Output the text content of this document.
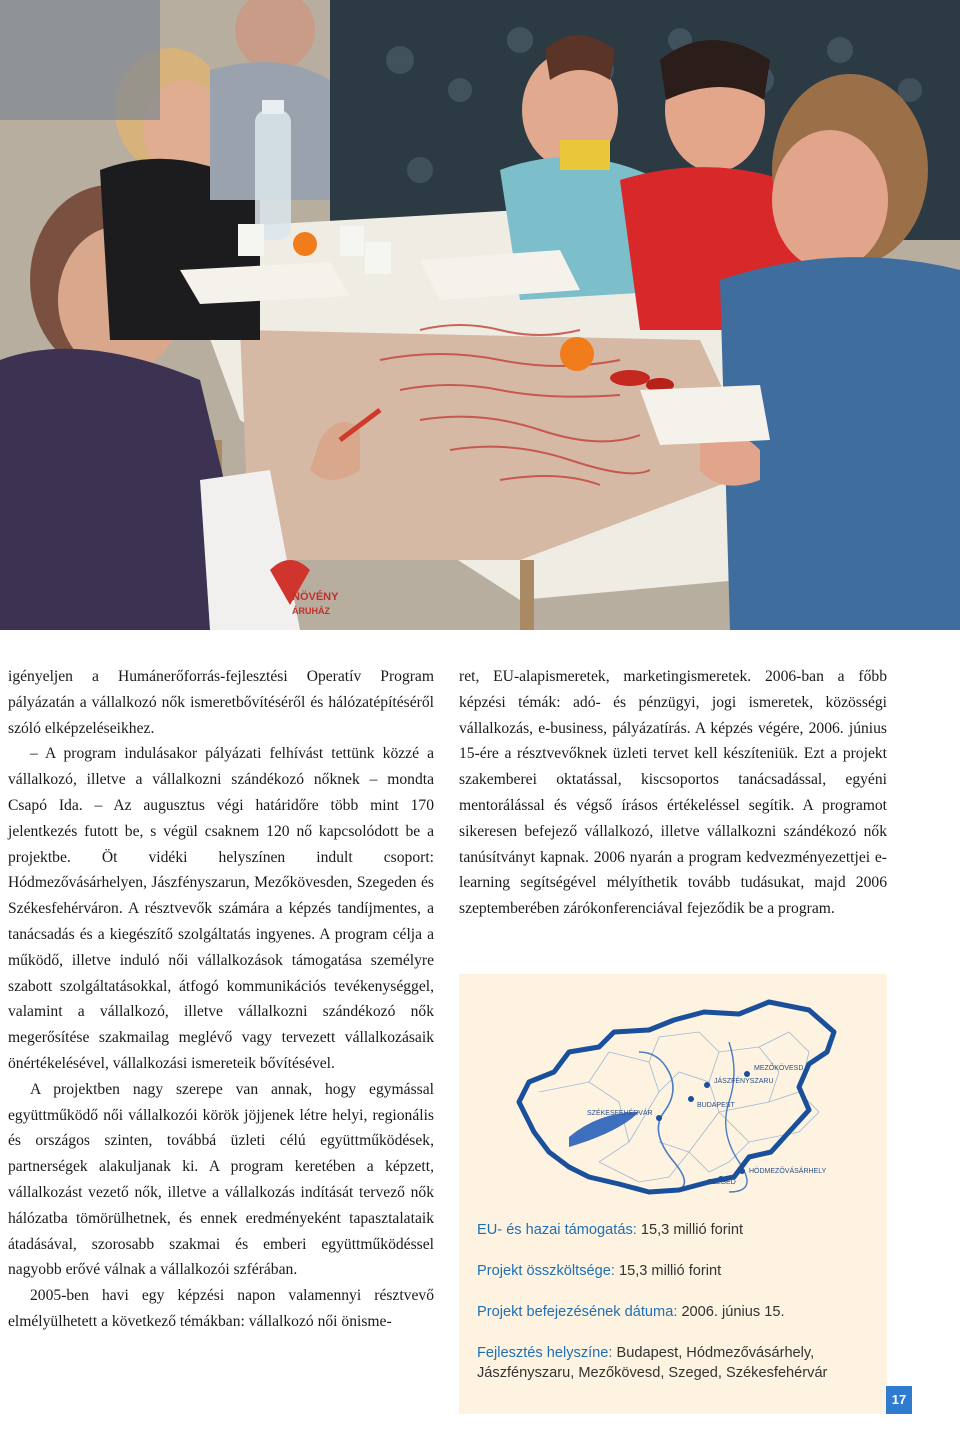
NÖVÉNY
ÁRUHÁZ

igényeljen a Humánerőforrás-fejlesztési Operatív Program pályázatán a vállalkozó nők ismeretbővítéséről és hálózatépítéséről szóló elképzeléseikhez.

– A program indulásakor pályázati felhívást tettünk közzé a vállalkozó, illetve a vállalkozni szándékozó nőknek – mondta Csapó Ida. – Az augusztus végi határidőre több mint 170 jelentkezés futott be, s végül csaknem 120 nő kapcsolódott be a projektbe. Öt vidéki helyszínen indult csoport: Hódmezővásárhelyen, Jászfényszarun, Mezőkövesden, Szegeden és Székesfehérváron. A résztvevők számára a képzés tandíjmentes, a tanácsadás és a kiegészítő szolgáltatás ingyenes. A program célja a működő, illetve induló női vállalkozások támogatása személyre szabott szolgáltatásokkal, átfogó kommunikációs tevékenységgel, valamint a vállalkozó, illetve vállalkozni szándékozó nők megerősítése szakmailag meglévő vagy tervezett vállalkozásaik önértékelésével, vállalkozási ismereteik bővítésével.

A projektben nagy szerepe van annak, hogy egymással együttműködő női vállalkozói körök jöjjenek létre helyi, regionális és országos szinten, továbbá üzleti célú együttműködések, partnerségek alakuljanak ki. A program keretében a képzett, vállalkozást vezető nők, illetve a vállalkozás indítását tervező nők hálózatba tömörülhetnek, és ennek eredményeként tapasztalataik átadásával, szorosabb szakmai és emberi együttműködéssel nagyobb erővé válnak a vállalkozói szférában.

2005-ben havi egy képzési napon valamennyi résztvevő elmélyülhetett a következő témákban: vállalkozó női önisme-

ret, EU-alapismeretek, marketingismeretek. 2006-ban a főbb képzési témák: adó- és pénzügyi, jogi ismeretek, közösségi vállalkozás, e-business, pályázatírás. A képzés végére, 2006. június 15-ére a résztvevőknek üzleti tervet kell készíteniük. Ezt a projekt szakemberei oktatással, kiscsoportos tanácsadással, egyéni mentorálással és végső írásos értékeléssel segítik. A programot sikeresen befejező vállalkozó, illetve vállalkozni szándékozó nők tanúsítványt kapnak. 2006 nyarán a program kedvezményezettjei e-learning segítségével mélyíthetik tovább tudásukat, majd 2006 szeptemberében zárókonferenciával fejeződik be a program.

MEZŐKÖVESD
JÁSZFÉNYSZARU
BUDAPEST
SZÉKESFEHÉRVÁR
HÓDMEZŐVÁSÁRHELY
SZEGED
EU- és hazai támogatás: 15,3 millió forint
Projekt összköltsége: 15,3 millió forint
Projekt befejezésének dátuma: 2006. június 15.
Fejlesztés helyszíne: Budapest, Hódmezővásárhely, Jászfényszaru, Mezőkövesd, Szeged, Székesfehérvár
17
